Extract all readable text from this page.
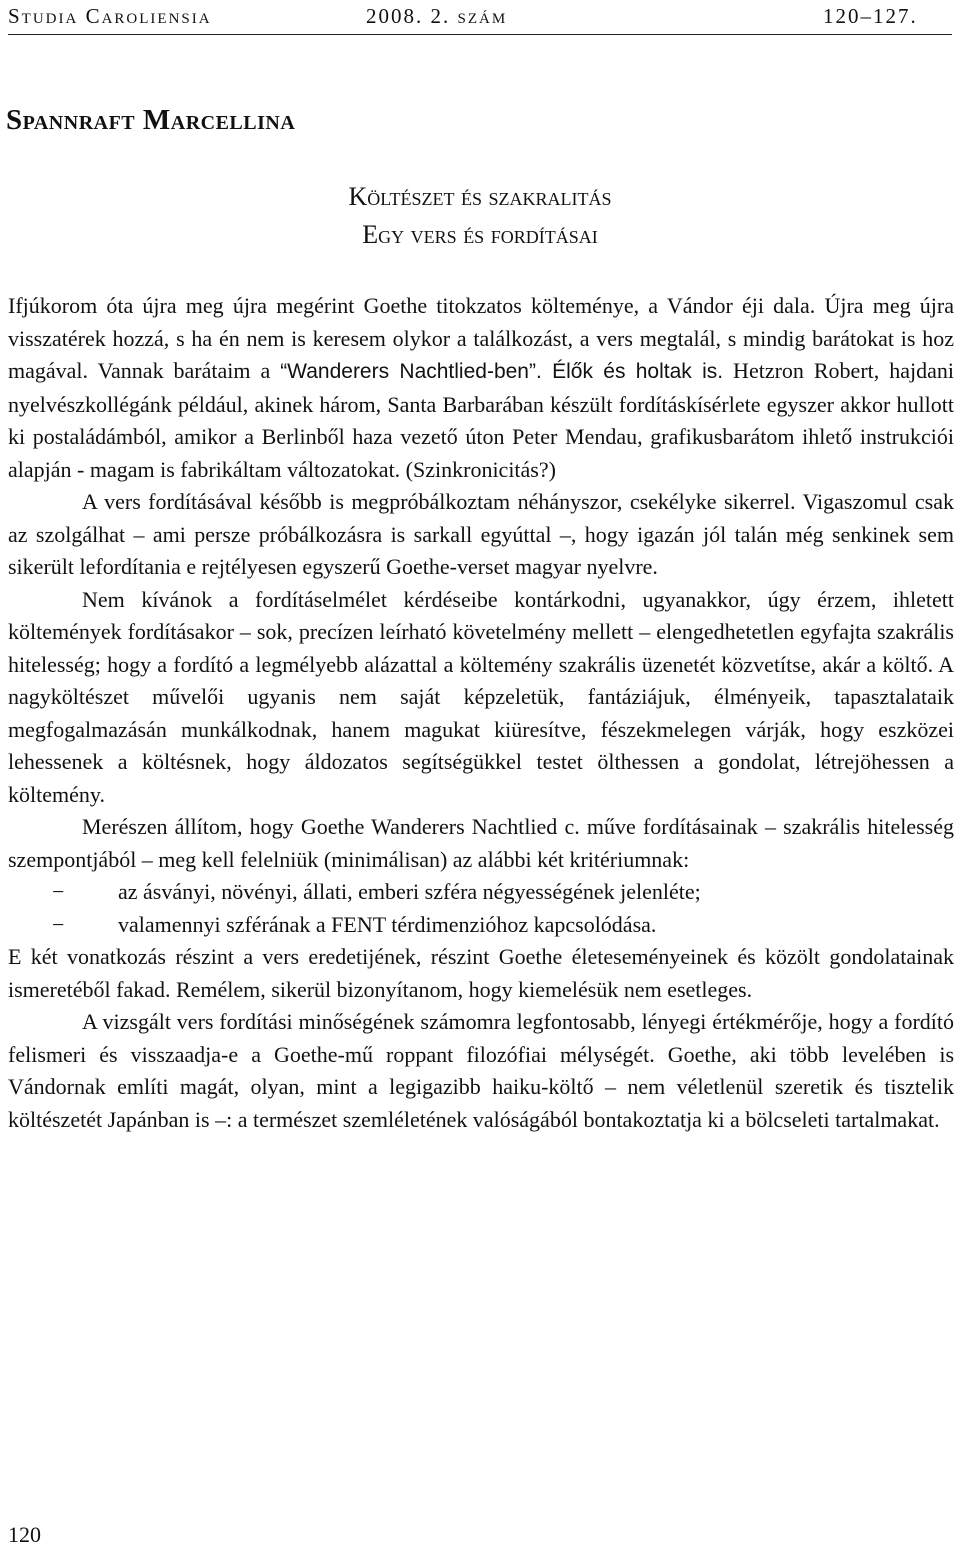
Studia Caroliensia	2008. 2. szám	120–127.
Spannraft Marcellina
Költészet és szakralitás
Egy vers és fordításai

Ifjúkorom óta újra meg újra megérint Goethe titokzatos költeménye, a Vándor éji dala. Újra meg újra visszatérek hozzá, s ha én nem is keresem olykor a találkozást, a vers megtalál, s mindig barátokat is hoz magával. Vannak barátaim a “Wanderers Nachtlied-ben”. Élők és holtak is. Hetzron Robert, hajdani nyelvészkollégánk például, akinek három, Santa Barbarában készült fordításkísérlete egyszer akkor hullott ki postaládámból, amikor a Berlinből haza vezető úton Peter Mendau, grafikusbarátom ihlető instrukciói alapján - magam is fabrikáltam változatokat. (Szinkronicitás?)

A vers fordításával később is megpróbálkoztam néhányszor, csekélyke sikerrel. Vigaszomul csak az szolgálhat – ami persze próbálkozásra is sarkall egyúttal –, hogy igazán jól talán még senkinek sem sikerült lefordítania e rejtélyesen egyszerű Goethe-verset magyar nyelvre.

Nem kívánok a fordításelmélet kérdéseibe kontárkodni, ugyanakkor, úgy érzem, ihletett költemények fordításakor – sok, precízen leírható követelmény mellett – elengedhetetlen egyfajta szakrális hitelesség; hogy a fordító a legmélyebb alázattal a költemény szakrális üzenetét közvetítse, akár a költő. A nagyköltészet művelői ugyanis nem saját képzeletük, fantáziájuk, élményeik, tapasztalataik megfogalmazásán munkálkodnak, hanem magukat kiüresítve, fészekmelegen várják, hogy eszközei lehessenek a költésnek, hogy áldozatos segítségükkel testet ölthessen a gondolat, létrejöhessen a költemény.

Merészen állítom, hogy Goethe Wanderers Nachtlied c. műve fordításainak – szakrális hitelesség szempontjából – meg kell felelniük (minimálisan) az alábbi két kritériumnak:

− az ásványi, növényi, állati, emberi szféra négyességének jelenléte;
− valamennyi szférának a FENT térdimenzióhoz kapcsolódása.

E két vonatkozás részint a vers eredetijének, részint Goethe életeseményeinek és közölt gondolatainak ismeretéből fakad. Remélem, sikerül bizonyítanom, hogy kiemelésük nem esetleges.

A vizsgált vers fordítási minőségének számomra legfontosabb, lényegi értékmérője, hogy a fordító felismeri és visszaadja-e a Goethe-mű roppant filozófiai mélységét. Goethe, aki több levelében is Vándornak említi magát, olyan, mint a legigazibb haiku-költő – nem véletlenül szeretik és tisztelik költészetét Japánban is –: a természet szemléletének valóságából bontakoztatja ki a bölcseleti tartalmakat.

120
